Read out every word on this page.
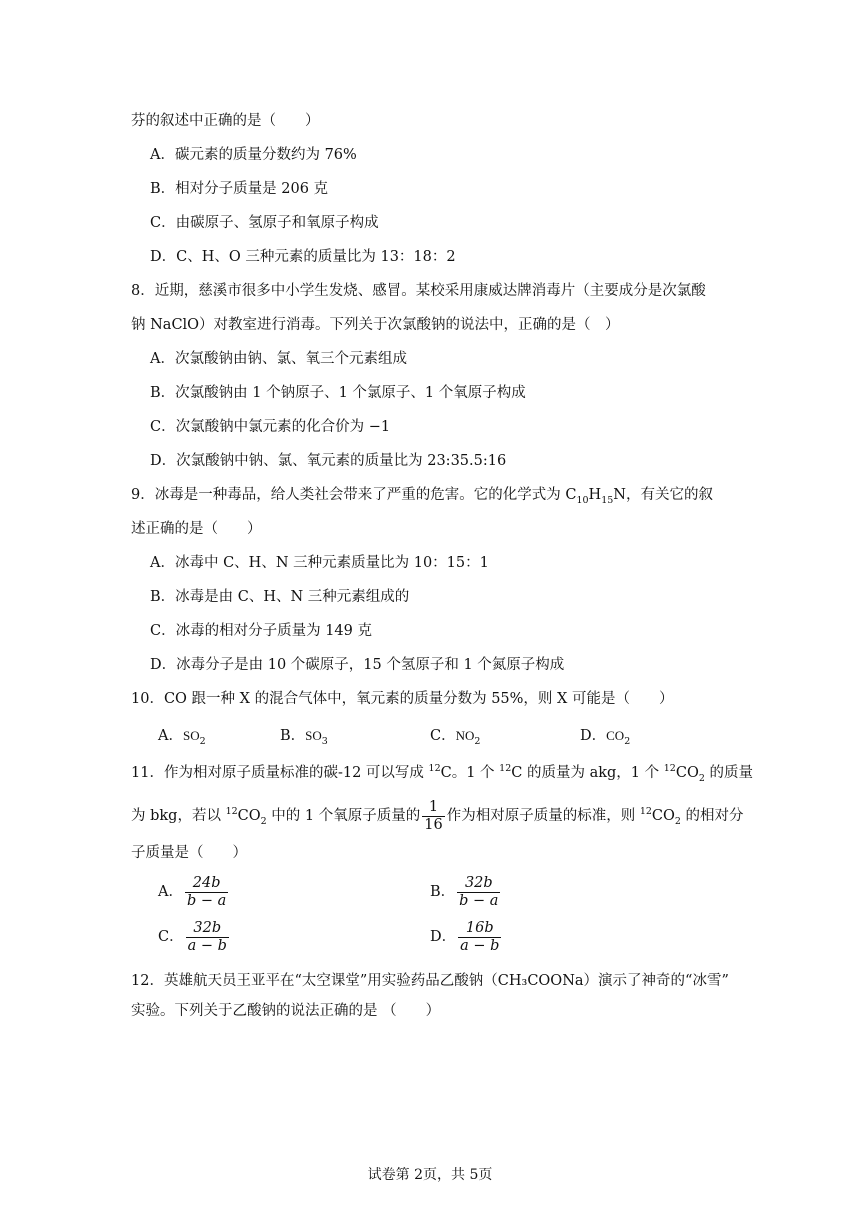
芬的叙述中正确的是（　　）
A．碳元素的质量分数约为 76%
B．相对分子质量是 206 克
C．由碳原子、氢原子和氧原子构成
D．C、H、O 三种元素的质量比为 13：18：2
8．近期，慈溪市很多中小学生发烧、感冒。某校采用康威达牌消毒片（主要成分是次氯酸
钠 NaClO）对教室进行消毒。下列关于次氯酸钠的说法中，正确的是（　）
A．次氯酸钠由钠、氯、氧三个元素组成
B．次氯酸钠由 1 个钠原子、1 个氯原子、1 个氧原子构成
C．次氯酸钠中氯元素的化合价为 −1
D．次氯酸钠中钠、氯、氧元素的质量比为 23:35.5:16
9．冰毒是一种毒品，给人类社会带来了严重的危害。它的化学式为 $C_{10}H_{15}N$，有关它的叙
述正确的是（　　）
A．冰毒中 C、H、N 三种元素质量比为 10：15：1
B．冰毒是由 C、H、N 三种元素组成的
C．冰毒的相对分子质量为 149 克
D．冰毒分子是由 10 个碳原子，15 个氢原子和 1 个氮原子构成
10．CO 跟一种 X 的混合气体中，氧元素的质量分数为 55%，则 X 可能是（　　）
A．$SO_2$	B．$SO_3$	C．$NO_2$	D．$CO_2$
11．作为相对原子质量标准的碳-12 可以写成 $^{12}$C。1 个 $^{12}$C 的质量为 akg，1 个 $^{12}CO_2$ 的质量
为 bkg，若以 $^{12}CO_2$ 中的 1 个氧原子质量的 $\frac{1}{16}$ 作为相对原子质量的标准，则 $^{12}CO_2$ 的相对分
子质量是（　　）
A． $\frac{24b}{b - a}$	B． $\frac{32b}{b - a}$
C． $\frac{32b}{a - b}$	D． $\frac{16b}{a - b}$
12．英雄航天员王亚平在“太空课堂”用实验药品乙酸钠（CH₃COONa）演示了神奇的“冰雪”
实验。下列关于乙酸钠的说法正确的是 （　　）
试卷第 2页，共 5页
